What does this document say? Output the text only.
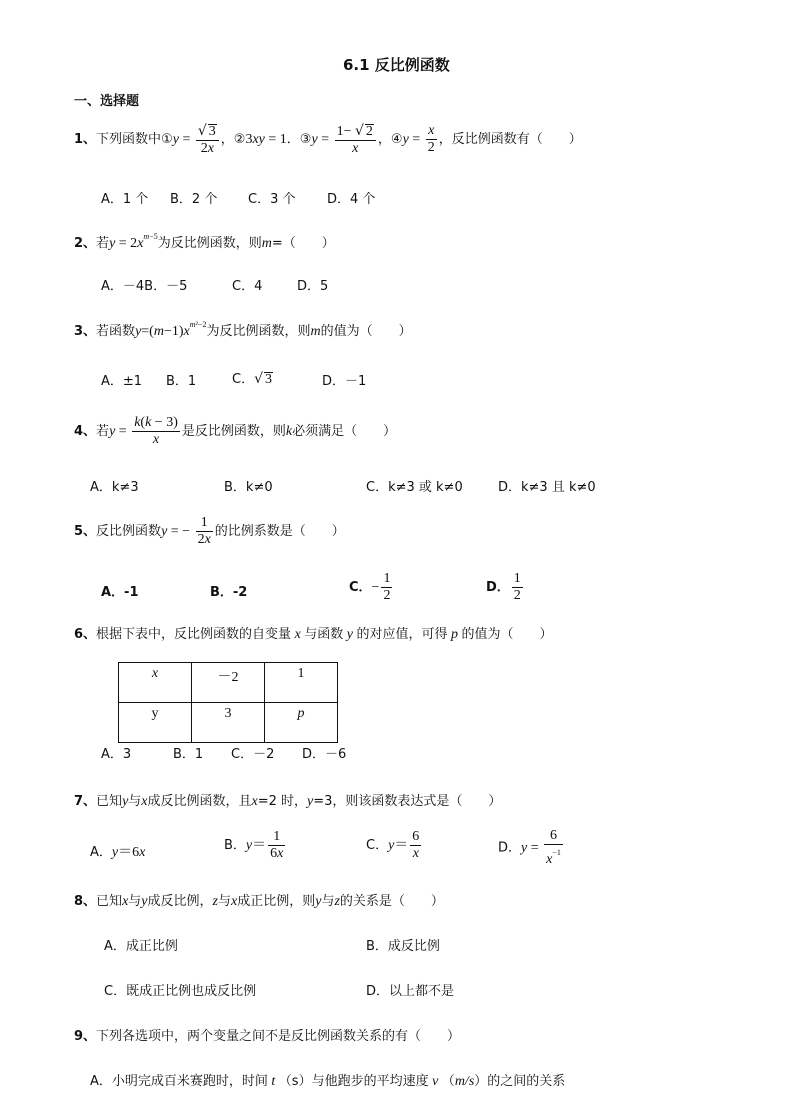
6.1 反比例函数
一、选择题
1、下列函数中①y = $\frac{√ 3}{2x}$ ，②3xy = 1．③y = $\frac{1- √ 2}{x}$ ，④y = $\frac{x}{2}$ ，反比例函数有（　　）
A．1 个 B．2 个 C．3 个 D．4 个
2、若$y = 2x^{m-5}$为反比例函数，则m=（　　）
A．－4B．－5	C．4	D．5
3、若函数$y=(m-1)x^{m^2-2}$为反比例函数，则m的值为（　　）
A．±1 B．1	C．√ 3	D．－1
4、若$y = \frac{k(k - 3)}{x}$ 是反比例函数，则k必须满足（　　）
A．k≠3	B．k≠0	C．k≠3 或 k≠0	D．k≠3 且 k≠0
5、反比例函数y = − $\frac{1}{2x}$ 的比例系数是（　　）
A．-1	B．-2	C．− $\frac{1}{2}$	D． $\frac{1}{2}$
6、根据下表中，反比例函数的自变量 x 与函数 y 的对应值，可得 p 的值为（　　）
x	－2	1
y	3	p
A．3	B．1 C．－2 D．－6
7、已知y与x成反比例函数，且x=2 时，y=3，则该函数表达式是（　　）
A．y＝6x	B．$y= \frac{1}{6x}$	C．$y= \frac{6}{x}$	D．$y = \frac{6}{x^{-1}}$
8、已知x与y成反比例，z与x成正比例，则y与z的关系是（　　）
A．成正比例	B．成反比例
C．既成正比例也成反比例	D．以上都不是
9、下列各选项中，两个变量之间不是反比例函数关系的有（　　）
A．小明完成百米赛跑时，时间 t （s）与他跑步的平均速度 v （m/s）的之间的关系
